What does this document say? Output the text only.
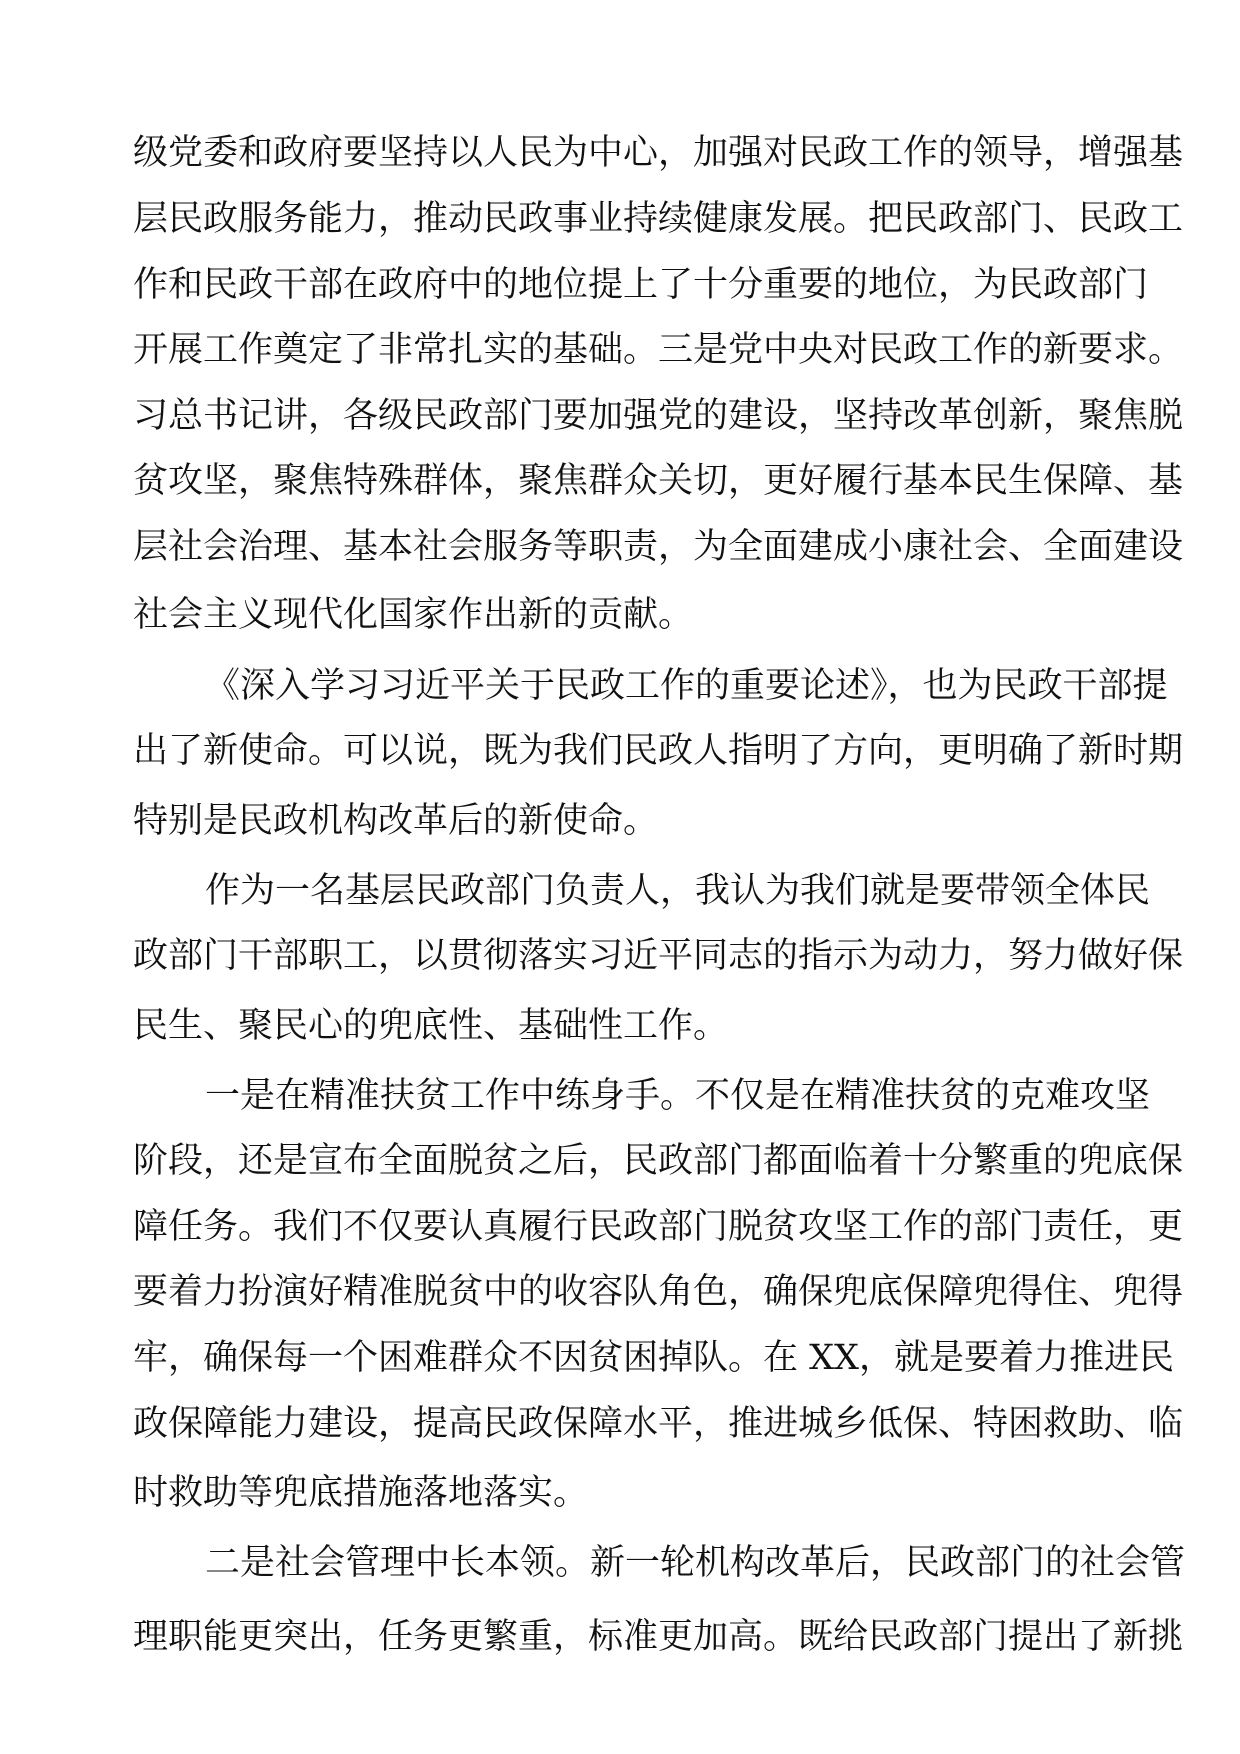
级党委和政府要坚持以人民为中心，加强对民政工作的领导，增强基
层民政服务能力，推动民政事业持续健康发展。把民政部门、民政工
作和民政干部在政府中的地位提上了十分重要的地位，为民政部门
开展工作奠定了非常扎实的基础。三是党中央对民政工作的新要求。
习总书记讲，各级民政部门要加强党的建设，坚持改革创新，聚焦脱
贫攻坚，聚焦特殊群体，聚焦群众关切，更好履行基本民生保障、基
层社会治理、基本社会服务等职责，为全面建成小康社会、全面建设
社会主义现代化国家作出新的贡献。
《深入学习习近平关于民政工作的重要论述》，也为民政干部提
出了新使命。可以说，既为我们民政人指明了方向，更明确了新时期
特别是民政机构改革后的新使命。
作为一名基层民政部门负责人，我认为我们就是要带领全体民
政部门干部职工，以贯彻落实习近平同志的指示为动力，努力做好保
民生、聚民心的兜底性、基础性工作。
一是在精准扶贫工作中练身手。不仅是在精准扶贫的克难攻坚
阶段，还是宣布全面脱贫之后，民政部门都面临着十分繁重的兜底保
障任务。我们不仅要认真履行民政部门脱贫攻坚工作的部门责任，更
要着力扮演好精准脱贫中的收容队角色，确保兜底保障兜得住、兜得
牢，确保每一个困难群众不因贫困掉队。在 XX，就是要着力推进民
政保障能力建设，提高民政保障水平，推进城乡低保、特困救助、临
时救助等兜底措施落地落实。
二是社会管理中长本领。新一轮机构改革后，民政部门的社会管
理职能更突出，任务更繁重，标准更加高。既给民政部门提出了新挑
